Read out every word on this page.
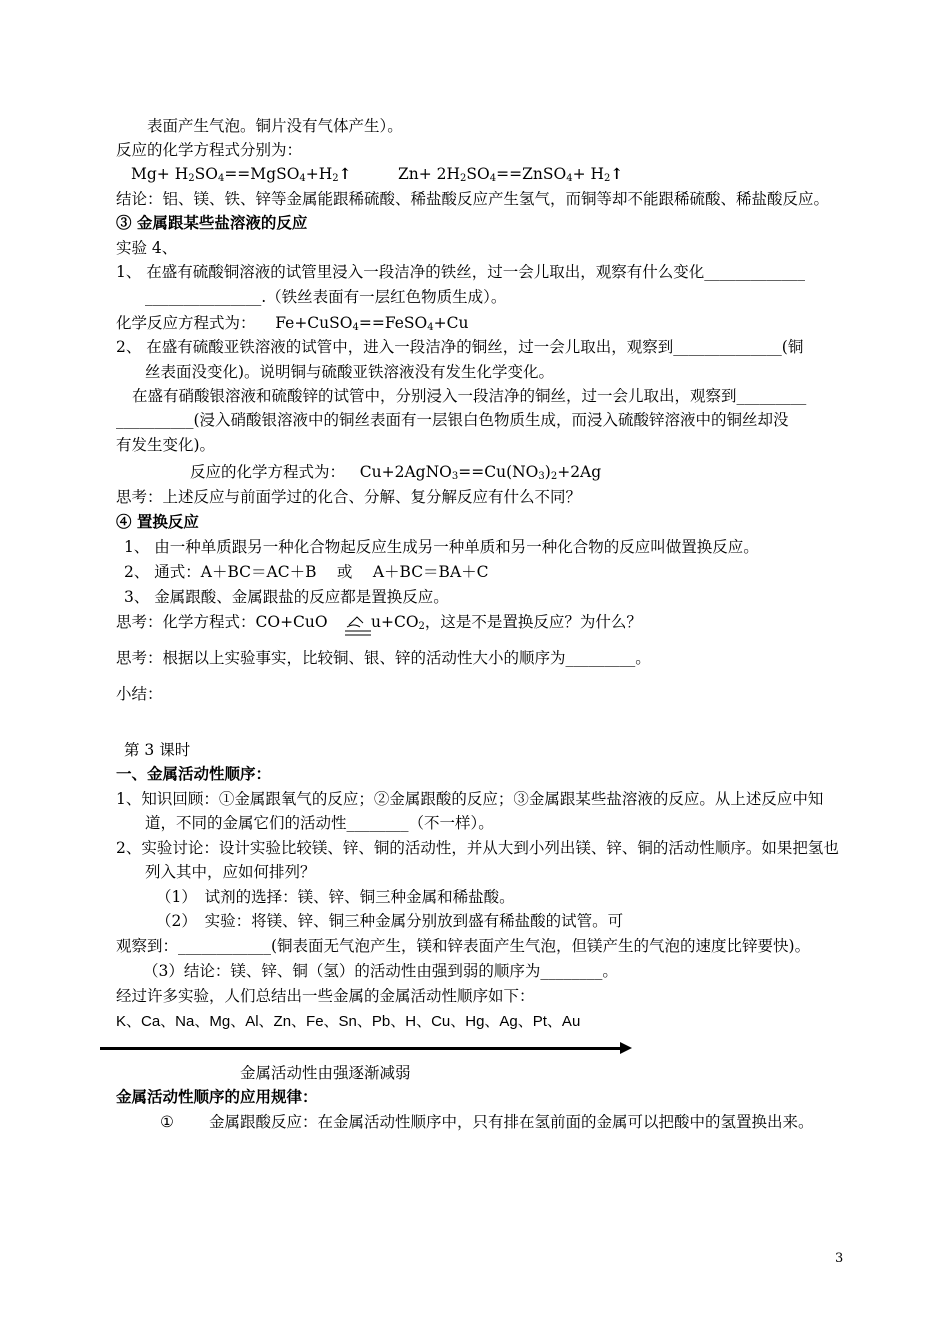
表面产生气泡。铜片没有气体产生）。
反应的化学方程式分别为：
$Mg+ H_2SO_4==MgSO_4+H_2↑$	$Zn+ 2H_2SO_4==ZnSO_4+$ $H_2↑$
结论：铝、镁、铁、锌等金属能跟稀硫酸、稀盐酸反应产生氢气，而铜等却不能跟稀硫酸、稀盐酸反应。
③ 金属跟某些盐溶液的反应
实验 4、
1、 在盛有硫酸铜溶液的试管里浸入一段洁净的铁丝，过一会儿取出，观察有什么变化_____________
_______________.（铁丝表面有一层红色物质生成）。
化学反应方程式为： Fe+CuSO$_4$==FeSO$_4$+Cu
2、 在盛有硫酸亚铁溶液的试管中，进入一段洁净的铜丝，过一会儿取出，观察到______________(铜
丝表面没变化)。说明铜与硫酸亚铁溶液没有发生化学变化。
在盛有硝酸银溶液和硫酸锌的试管中，分别浸入一段洁净的铜丝，过一会儿取出，观察到_________
__________(浸入硝酸银溶液中的铜丝表面有一层银白色物质生成，而浸入硫酸锌溶液中的铜丝却没
有发生变化)。
反应的化学方程式为： $Cu+2AgNO_3==Cu(NO_3)_2+2Ag$
思考：上述反应与前面学过的化合、分解、复分解反应有什么不同？
④ 置换反应
1、 由一种单质跟另一种化合物起反应生成另一种单质和另一种化合物的反应叫做置换反应。
2、 通式：A＋BC＝AC＋B　 或　 A＋BC＝BA＋C
3、 金属跟酸、金属跟盐的反应都是置换反应。
思考：化学方程式：CO+CuO	$u+CO_2$，这是不是置换反应？为什么？
思考：根据以上实验事实，比较铜、银、锌的活动性大小的顺序为_________。
小结：
第 3 课时
一、金属活动性顺序：
1、知识回顾：①金属跟氧气的反应；②金属跟酸的反应；③金属跟某些盐溶液的反应。从上述反应中知
道，不同的金属它们的活动性________（不一样）。
2、实验讨论：设计实验比较镁、锌、铜的活动性，并从大到小列出镁、锌、铜的活动性顺序。如果把氢也
列入其中，应如何排列？
（1）　试剂的选择：镁、锌、铜三种金属和稀盐酸。
（2）　实验：将镁、锌、铜三种金属分别放到盛有稀盐酸的试管。可
观察到：____________(铜表面无气泡产生，镁和锌表面产生气泡，但镁产生的气泡的速度比锌要快)。
（3）结论：镁、锌、铜（氢）的活动性由强到弱的顺序为________。
经过许多实验，人们总结出一些金属的金属活动性顺序如下：
K、Ca、Na、Mg、Al、Zn、Fe、Sn、Pb、H、Cu、Hg、Ag、Pt、Au
金属活动性由强逐渐减弱
金属活动性顺序的应用规律：
① 金属跟酸反应：在金属活动性顺序中，只有排在氢前面的金属可以把酸中的氢置换出来。
3
